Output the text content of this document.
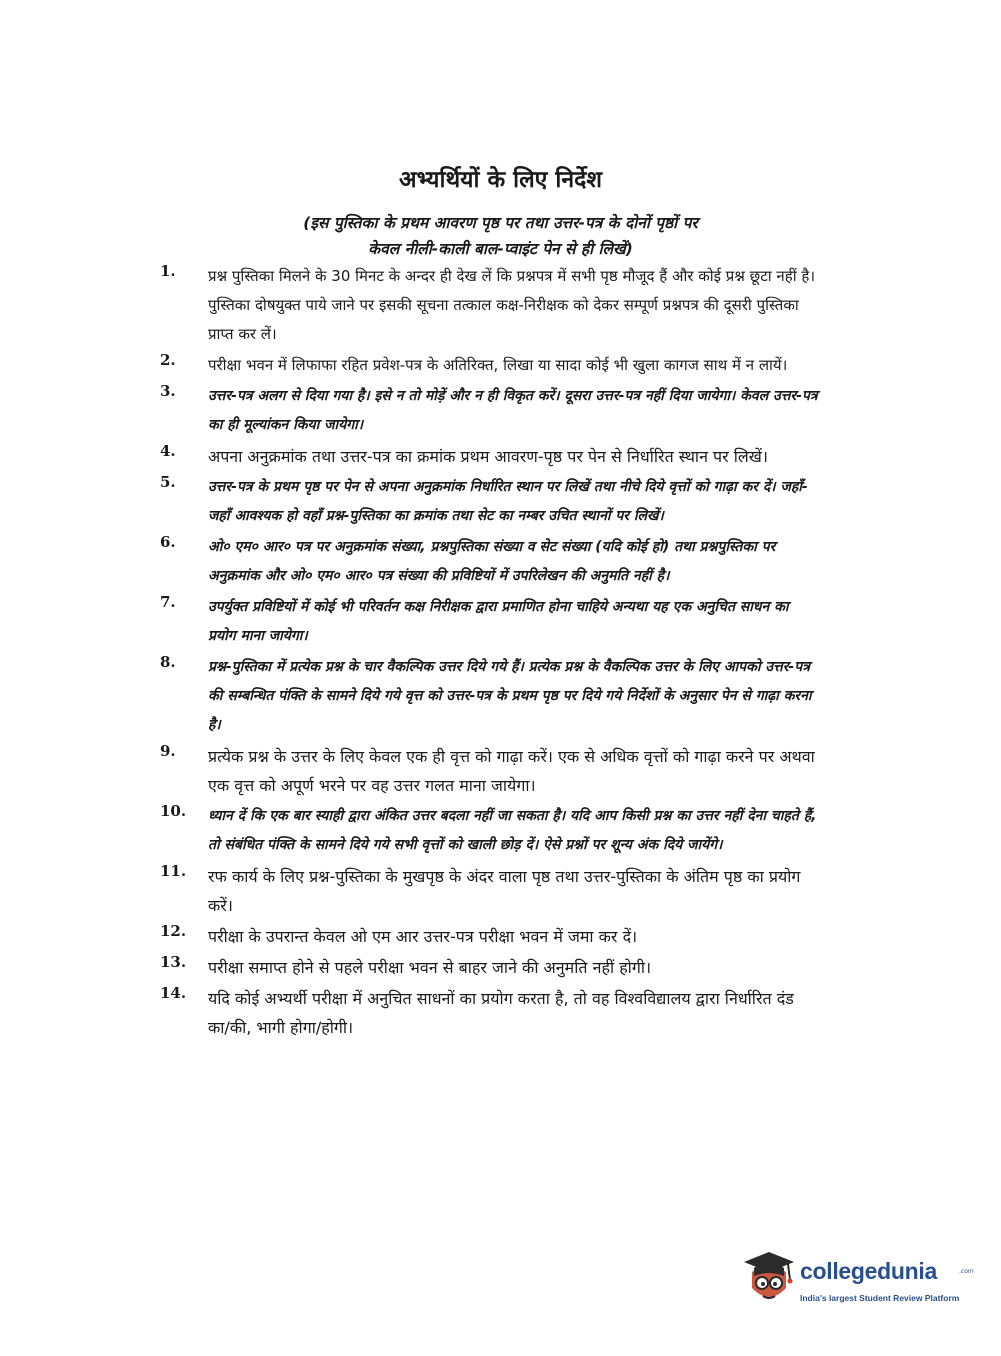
अभ्यर्थियों के लिए निर्देश
(इस पुस्तिका के प्रथम आवरण पृष्ठ पर तथा उत्तर-पत्र के दोनों पृष्ठों पर
केवल नीली-काली बाल-प्वाइंट पेन से ही लिखें)
1.	प्रश्न पुस्तिका मिलने के 30 मिनट के अन्दर ही देख लें कि प्रश्नपत्र में सभी पृष्ठ मौजूद हैं और कोई प्रश्न छूटा नहीं है। पुस्तिका दोषयुक्त पाये जाने पर इसकी सूचना तत्काल कक्ष-निरीक्षक को देकर सम्पूर्ण प्रश्नपत्र की दूसरी पुस्तिका प्राप्त कर लें।
2.	परीक्षा भवन में लिफाफा रहित प्रवेश-पत्र के अतिरिक्त, लिखा या सादा कोई भी खुला कागज साथ में न लायें।
3.	उत्तर-पत्र अलग से दिया गया है। इसे न तो मोड़ें और न ही विकृत करें। दूसरा उत्तर-पत्र नहीं दिया जायेगा। केवल उत्तर-पत्र का ही मूल्यांकन किया जायेगा।
4.	अपना अनुक्रमांक तथा उत्तर-पत्र का क्रमांक प्रथम आवरण-पृष्ठ पर पेन से निर्धारित स्थान पर लिखें।
5.	उत्तर-पत्र के प्रथम पृष्ठ पर पेन से अपना अनुक्रमांक निर्धारित स्थान पर लिखें तथा नीचे दिये वृत्तों को गाढ़ा कर दें। जहाँ-जहाँ आवश्यक हो वहाँ प्रश्न-पुस्तिका का क्रमांक तथा सेट का नम्बर उचित स्थानों पर लिखें।
6.	ओ० एम० आर० पत्र पर अनुक्रमांक संख्या, प्रश्नपुस्तिका संख्या व सेट संख्या (यदि कोई हो) तथा प्रश्नपुस्तिका पर अनुक्रमांक और ओ० एम० आर० पत्र संख्या की प्रविष्टियों में उपरिलेखन की अनुमति नहीं है।
7.	उपर्युक्त प्रविष्टियों में कोई भी परिवर्तन कक्ष निरीक्षक द्वारा प्रमाणित होना चाहिये अन्यथा यह एक अनुचित साधन का प्रयोग माना जायेगा।
8.	प्रश्न-पुस्तिका में प्रत्येक प्रश्न के चार वैकल्पिक उत्तर दिये गये हैं। प्रत्येक प्रश्न के वैकल्पिक उत्तर के लिए आपको उत्तर-पत्र की सम्बन्धित पंक्ति के सामने दिये गये वृत्त को उत्तर-पत्र के प्रथम पृष्ठ पर दिये गये निर्देशों के अनुसार पेन से गाढ़ा करना है।
9.	प्रत्येक प्रश्न के उत्तर के लिए केवल एक ही वृत्त को गाढ़ा करें। एक से अधिक वृत्तों को गाढ़ा करने पर अथवा एक वृत्त को अपूर्ण भरने पर वह उत्तर गलत माना जायेगा।
10.	ध्यान दें कि एक बार स्याही द्वारा अंकित उत्तर बदला नहीं जा सकता है। यदि आप किसी प्रश्न का उत्तर नहीं देना चाहते हैं, तो संबंधित पंक्ति के सामने दिये गये सभी वृत्तों को खाली छोड़ दें। ऐसे प्रश्नों पर शून्य अंक दिये जायेंगे।
11.	रफ कार्य के लिए प्रश्न-पुस्तिका के मुखपृष्ठ के अंदर वाला पृष्ठ तथा उत्तर-पुस्तिका के अंतिम पृष्ठ का प्रयोग करें।
12.	परीक्षा के उपरान्त केवल ओ एम आर उत्तर-पत्र परीक्षा भवन में जमा कर दें।
13.	परीक्षा समाप्त होने से पहले परीक्षा भवन से बाहर जाने की अनुमति नहीं होगी।
14.	यदि कोई अभ्यर्थी परीक्षा में अनुचित साधनों का प्रयोग करता है, तो वह विश्वविद्यालय द्वारा निर्धारित दंड का/की, भागी होगा/होगी।
collegedunia	.com
India's largest Student Review Platform
